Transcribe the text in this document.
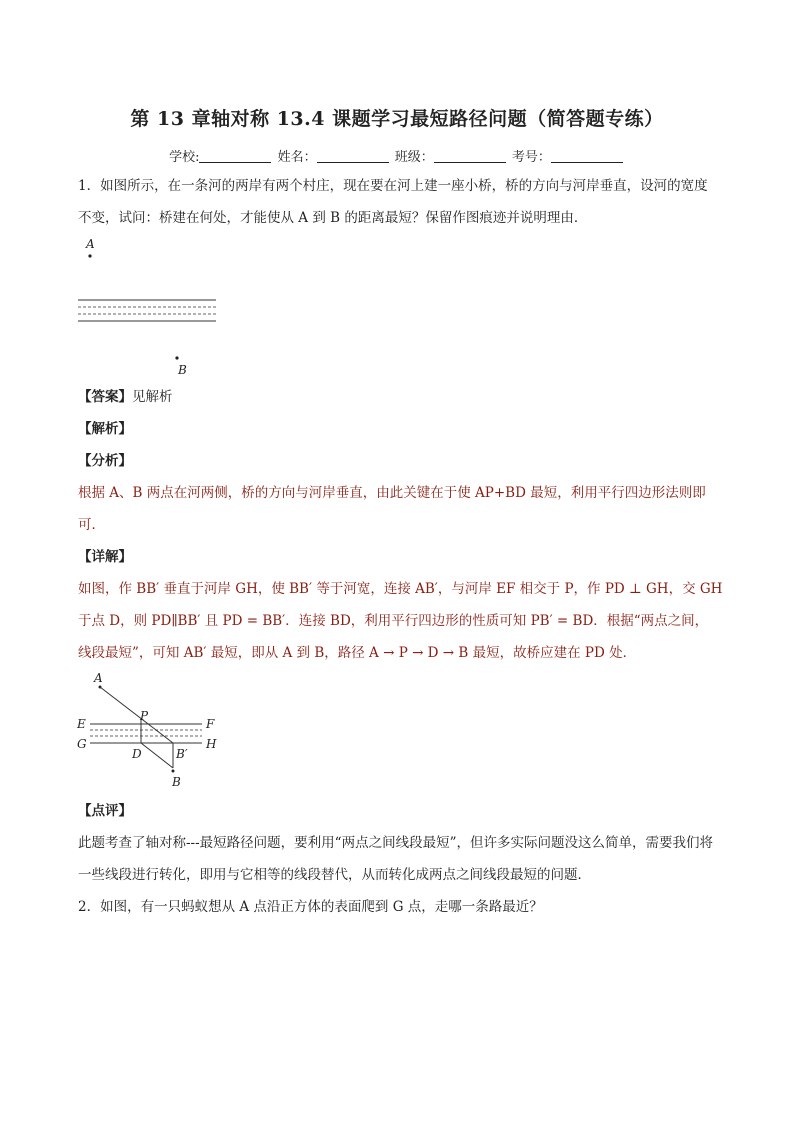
第 13 章轴对称 13.4 课题学习最短路径问题（简答题专练）
学校:	姓名：	班级：	考号：
1．如图所示，在一条河的两岸有两个村庄，现在要在河上建一座小桥，桥的方向与河岸垂直，设河的宽度
不变，试问：桥建在何处，才能使从 A 到 B 的距离最短？保留作图痕迹并说明理由．
A
B
【答案】见解析
【解析】
【分析】
根据 A、B 两点在河两侧，桥的方向与河岸垂直，由此关键在于使 AP+BD 最短，利用平行四边形法则即
可．
【详解】
如图，作 BB′ 垂直于河岸 GH，使 BB′ 等于河宽，连接 AB′，与河岸 EF 相交于 P，作 PD ⊥ GH，交 GH
于点 D，则 PD∥BB′ 且 PD = BB′．连接 BD，利用平行四边形的性质可知 PB′ = BD．根据“两点之间，
线段最短”，可知 AB′ 最短，即从 A 到 B，路径 A → P → D → B 最短，故桥应建在 PD 处．
A
E
P
F
G	H
D	B′
B
【点评】
此题考查了轴对称---最短路径问题，要利用“两点之间线段最短”，但许多实际问题没这么简单，需要我们将
一些线段进行转化，即用与它相等的线段替代，从而转化成两点之间线段最短的问题．
2．如图，有一只蚂蚁想从 A 点沿正方体的表面爬到 G 点，走哪一条路最近？
